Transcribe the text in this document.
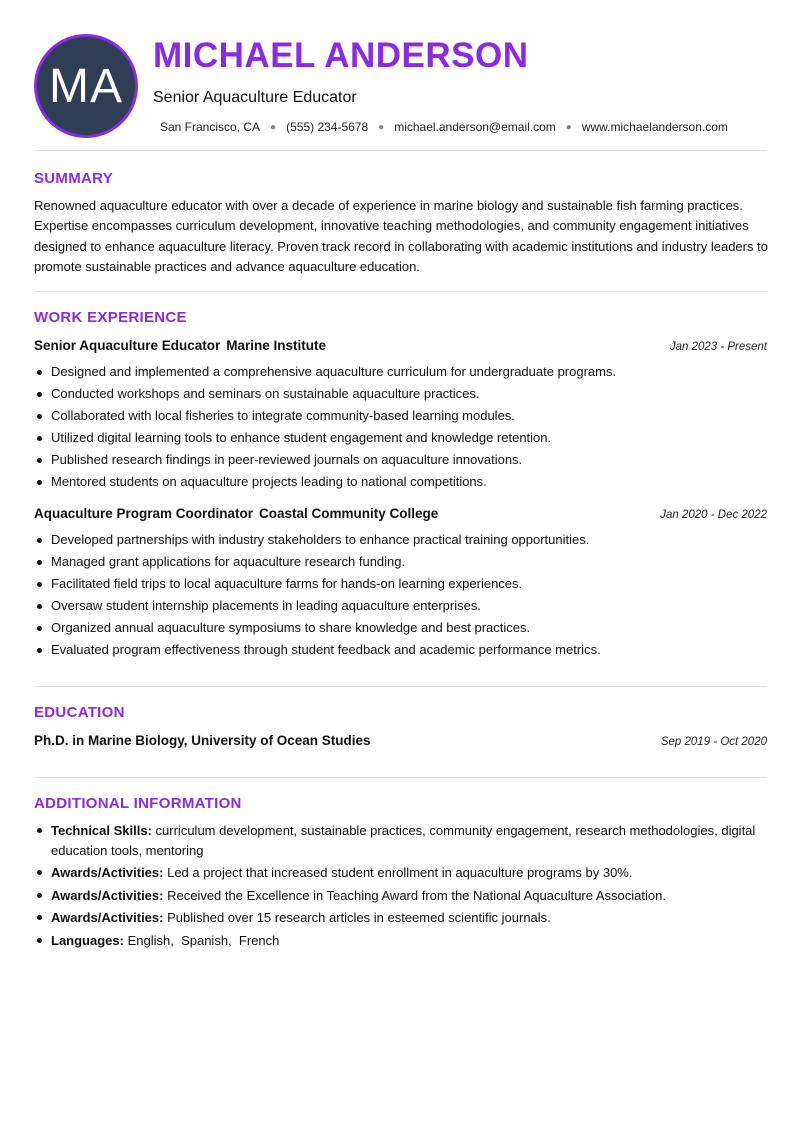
MA
MICHAEL ANDERSON
Senior Aquaculture Educator
San Francisco, CA ● (555) 234-5678 ● michael.anderson@email.com ● www.michaelanderson.com
SUMMARY

Renowned aquaculture educator with over a decade of experience in marine biology and sustainable fish farming practices. Expertise encompasses curriculum development, innovative teaching methodologies, and community engagement initiatives designed to enhance aquaculture literacy. Proven track record in collaborating with academic institutions and industry leaders to promote sustainable practices and advance aquaculture education.

WORK EXPERIENCE
Senior Aquaculture Educator Marine Institute	Jan 2023 - Present
Designed and implemented a comprehensive aquaculture curriculum for undergraduate programs.
Conducted workshops and seminars on sustainable aquaculture practices.
Collaborated with local fisheries to integrate community-based learning modules.
Utilized digital learning tools to enhance student engagement and knowledge retention.
Published research findings in peer-reviewed journals on aquaculture innovations.
Mentored students on aquaculture projects leading to national competitions.
Aquaculture Program Coordinator Coastal Community College	Jan 2020 - Dec 2022
Developed partnerships with industry stakeholders to enhance practical training opportunities.
Managed grant applications for aquaculture research funding.
Facilitated field trips to local aquaculture farms for hands-on learning experiences.
Oversaw student internship placements in leading aquaculture enterprises.
Organized annual aquaculture symposiums to share knowledge and best practices.
Evaluated program effectiveness through student feedback and academic performance metrics.
EDUCATION
Ph.D. in Marine Biology, University of Ocean Studies	Sep 2019 - Oct 2020
ADDITIONAL INFORMATION
Technical Skills: curriculum development, sustainable practices, community engagement, research methodologies, digital education tools, mentoring
Awards/Activities: Led a project that increased student enrollment in aquaculture programs by 30%.
Awards/Activities: Received the Excellence in Teaching Award from the National Aquaculture Association.
Awards/Activities: Published over 15 research articles in esteemed scientific journals.
Languages: English,  Spanish,  French
